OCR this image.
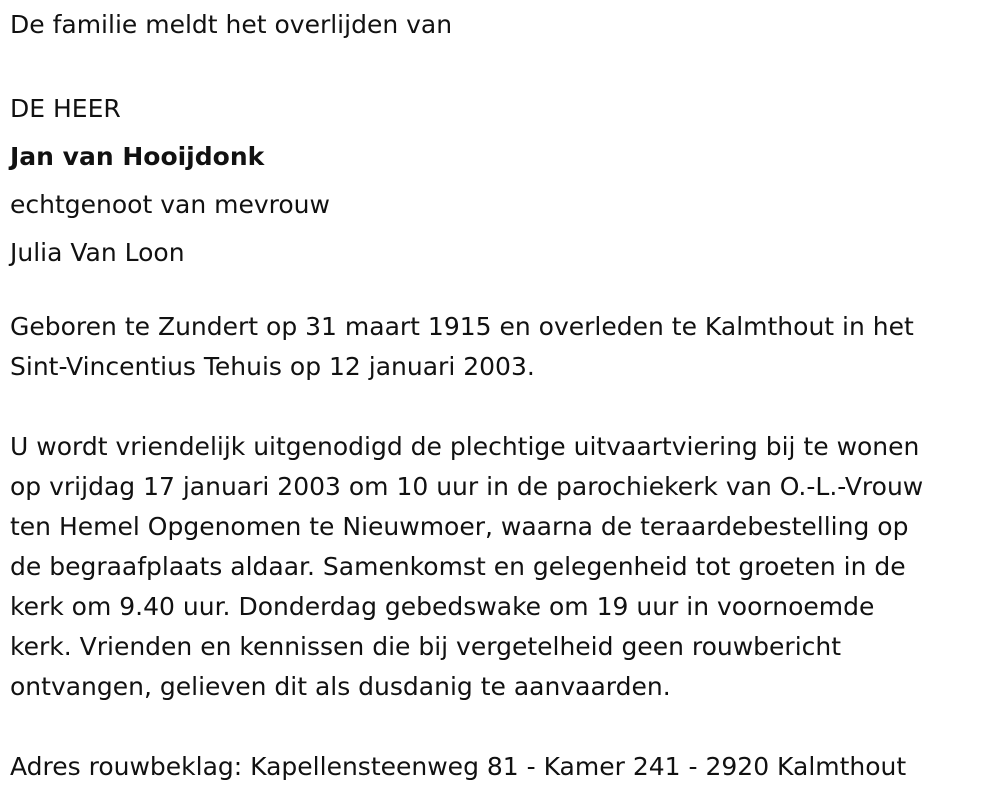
De familie meldt het overlijden van

DE HEER

Jan van Hooijdonk

echtgenoot van mevrouw

Julia Van Loon

Geboren te Zundert op 31 maart 1915 en overleden te Kalmthout in het

Sint-Vincentius Tehuis op 12 januari 2003.

U wordt vriendelijk uitgenodigd de plechtige uitvaartviering bij te wonen

op vrijdag 17 januari 2003 om 10 uur in de parochiekerk van O.-L.-Vrouw

ten Hemel Opgenomen te Nieuwmoer, waarna de teraardebestelling op

de begraafplaats aldaar. Samenkomst en gelegenheid tot groeten in de

kerk om 9.40 uur. Donderdag gebedswake om 19 uur in voornoemde

kerk. Vrienden en kennissen die bij vergetelheid geen rouwbericht

ontvangen, gelieven dit als dusdanig te aanvaarden.

Adres rouwbeklag: Kapellensteenweg 81 - Kamer 241 - 2920 Kalmthout
